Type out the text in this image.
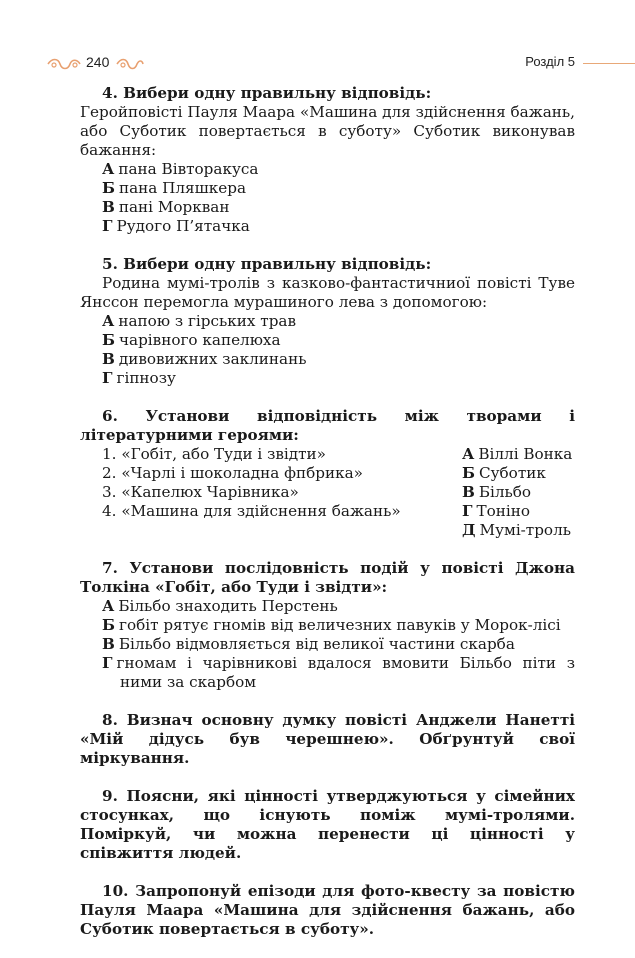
240	Розділ 5
4. Вибери одну правильну відповідь:
Геройповісті Пауля Маара «Машина для здійснення бажань, або Суботик повертається в суботу» Суботик виконував бажання:
А пана Вівторакуса
Б пана Пляшкера
В пані Морквaн
Г Рудого П’ятачка
5. Вибери одну правильну відповідь:
Родина мумі-тролів з казково-фантастичниої повісті Туве Янссон перемогла мурашиного лева з допомогою:
А напою з гірських трав
Б чарівного капелюха
В дивовижних заклинань
Г гіпнозу
6. Установи відповідність між творами і літературними героями:
1. «Гобіт, або Туди і звідти»	А Віллі Вонка
2. «Чарлі і шоколадна фпбрика»	Б Суботик
3. «Капелюх Чарівника»	В Більбо
4. «Машина для здійснення бажань»	Г Тоніно
Д Мумі-троль
7. Установи послідовність подій у повісті Джона Толкіна «Гобіт, або Туди і звідти»:
А Більбо знаходить Перстень
Б гобіт рятує гномів від величезних павуків у Морок-лісі
В Більбо відмовляється від великої частини скарба
Г гномам і чарівникові вдалося вмовити Більбо піти з ними за скарбом
8. Визнач основну думку повісті Анджели Нанетті «Мій дідусь був черешнею». Обґрунтуй свої міркування.
9. Поясни, які цінності утверджуються у сімейних стосунках, що існують поміж мумі-тролями. Поміркуй, чи можна перенести ці цінності у співжиття людей.
10. Запропонуй епізоди для фото-квесту за повістю Пауля Маара «Машина для здійснення бажань, або Суботик повертається в суботу».
